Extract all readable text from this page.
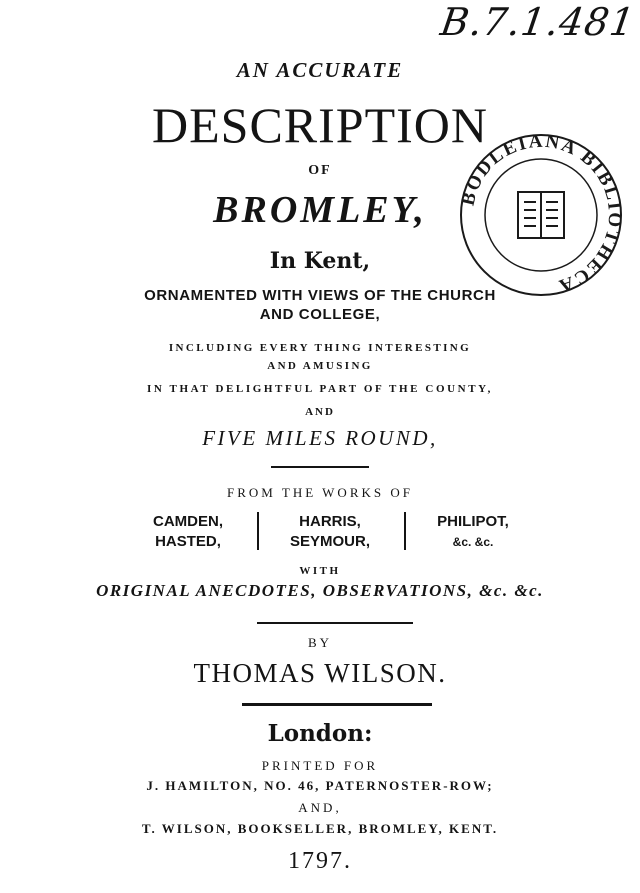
B.7.1.481
AN ACCURATE
DESCRIPTION
OF
BROMLEY,
In Kent,
ORNAMENTED WITH VIEWS OF THE CHURCH
AND COLLEGE,
INCLUDING EVERY THING INTERESTING
AND AMUSING
IN THAT DELIGHTFUL PART OF THE COUNTY,
AND
FIVE MILES ROUND,
FROM THE WORKS OF
CAMDEN,
HASTED,
HARRIS,
SEYMOUR,
PHILIPOT,
&c. &c.
WITH
ORIGINAL ANECDOTES, OBSERVATIONS, &c. &c.
BY
THOMAS WILSON.
London:
PRINTED FOR
J. HAMILTON, NO. 46, PATERNOSTER-ROW;
AND,
T. WILSON, BOOKSELLER, BROMLEY, KENT.
1797.
BODLEIANA BIBLIOTHECA
